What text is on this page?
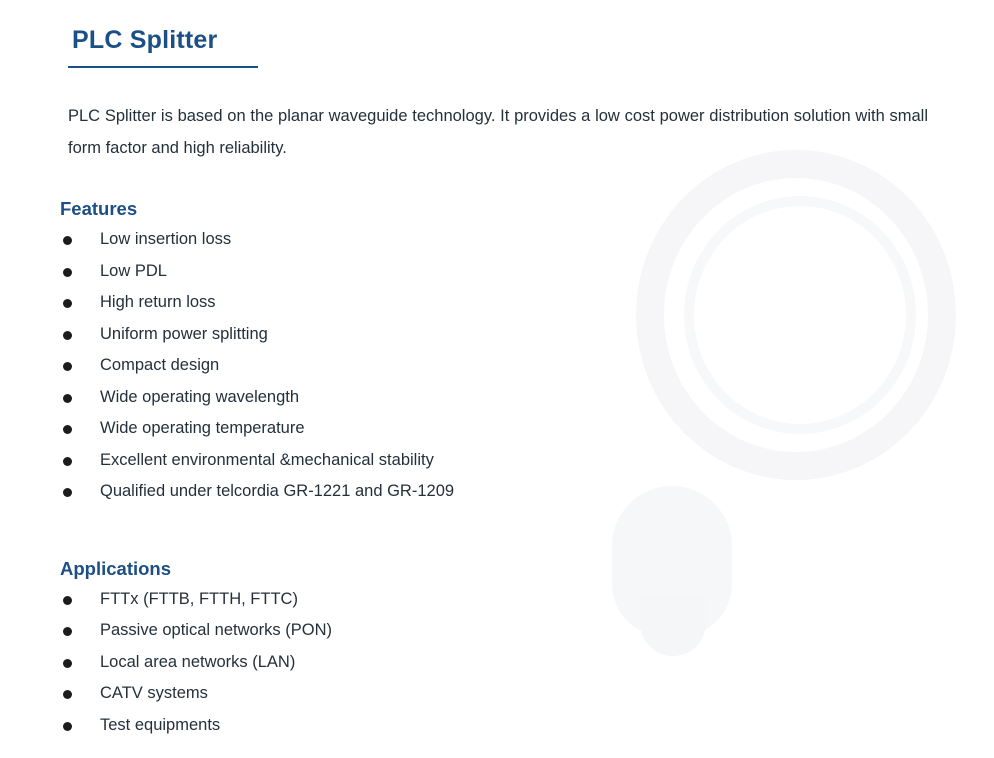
PLC Splitter

PLC Splitter is based on the planar waveguide technology. It provides a low cost power distribution solution with small form factor and high reliability.

Features
Low insertion loss
Low PDL
High return loss
Uniform power splitting
Compact design
Wide operating wavelength
Wide operating temperature
Excellent environmental &mechanical stability
Qualified under telcordia GR-1221 and GR-1209
Applications
FTTx (FTTB, FTTH, FTTC)
Passive optical networks (PON)
Local area networks (LAN)
CATV systems
Test equipments
